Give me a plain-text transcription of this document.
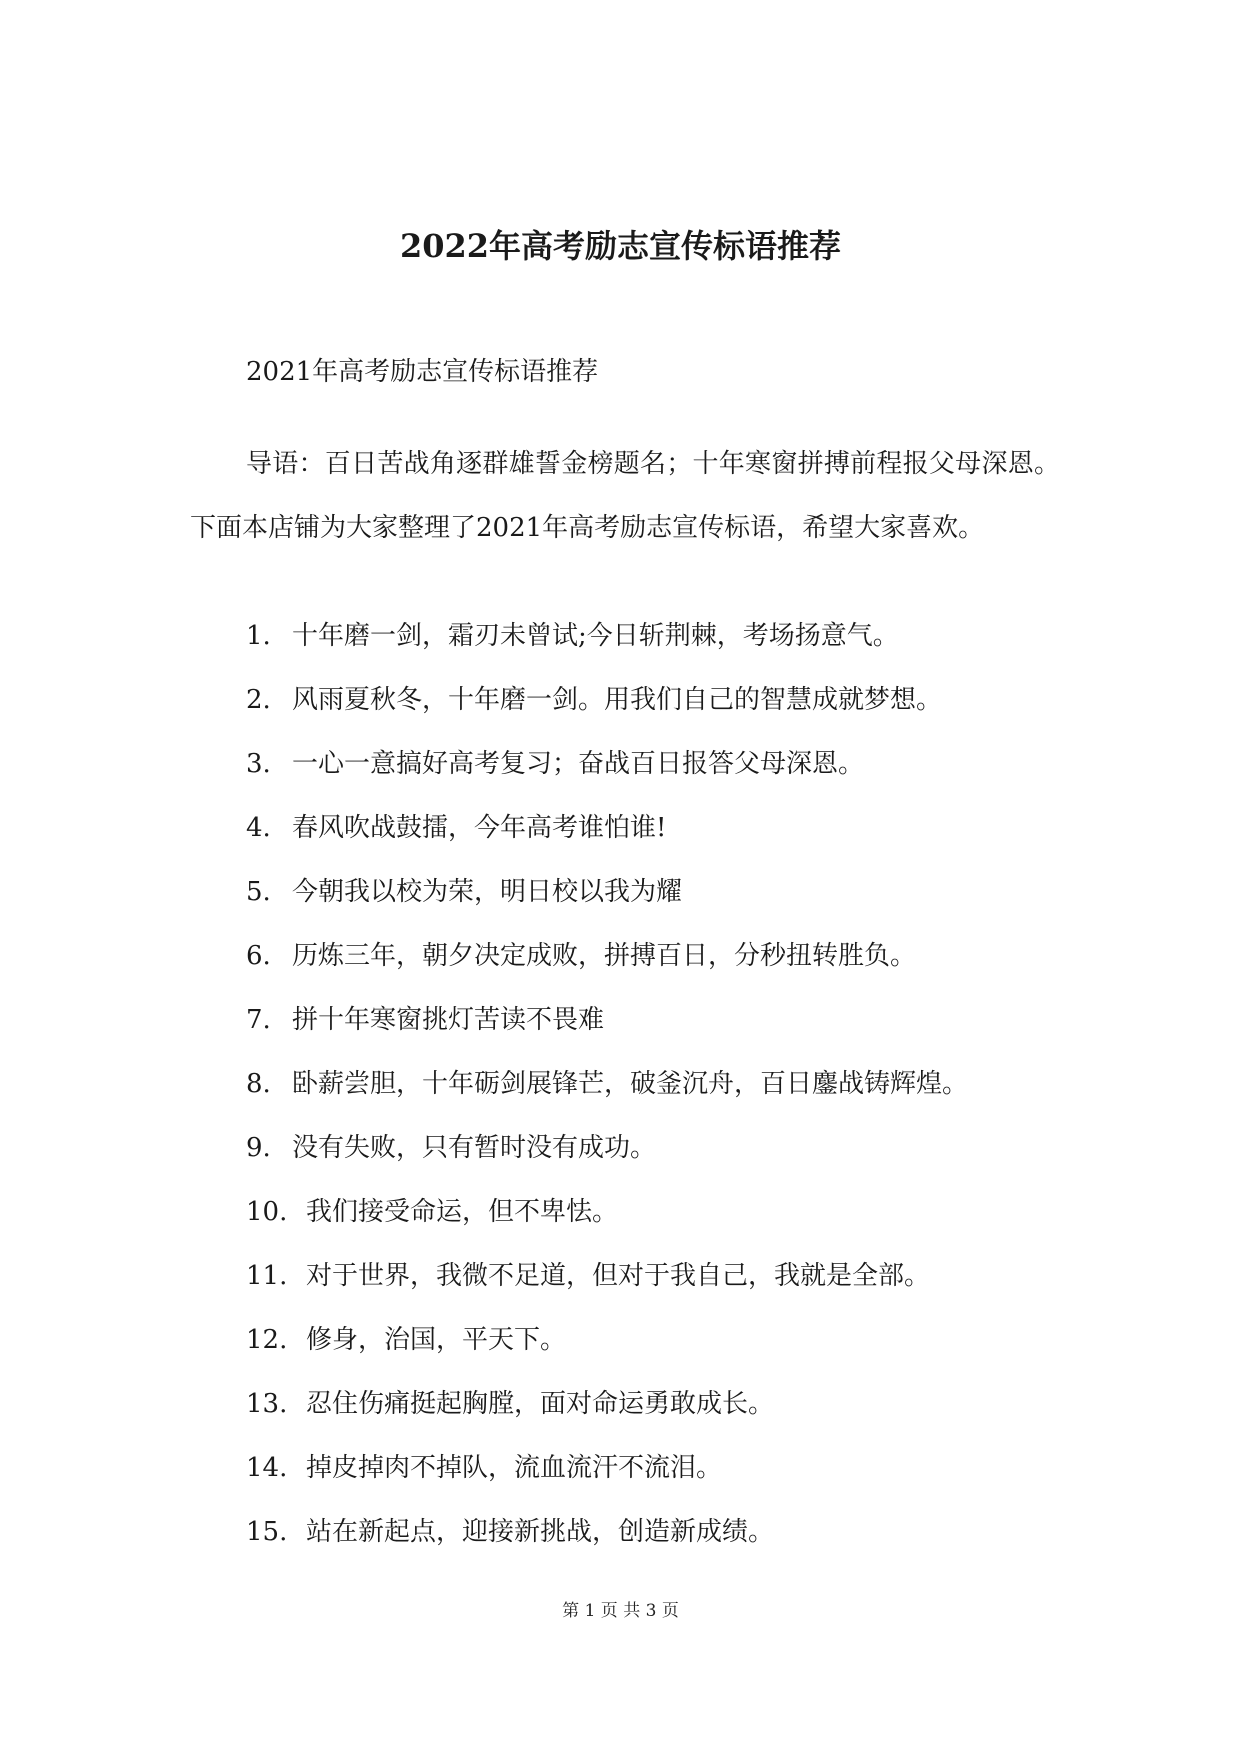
2022年高考励志宣传标语推荐

2021年高考励志宣传标语推荐

导语：百日苦战角逐群雄誓金榜题名；十年寒窗拼搏前程报父母深恩。下面本店铺为大家整理了2021年高考励志宣传标语，希望大家喜欢。

1. 十年磨一剑，霜刃未曾试;今日斩荆棘，考场扬意气。
2. 风雨夏秋冬，十年磨一剑。用我们自己的智慧成就梦想。
3. 一心一意搞好高考复习；奋战百日报答父母深恩。
4. 春风吹战鼓擂，今年高考谁怕谁!
5. 今朝我以校为荣，明日校以我为耀
6. 历炼三年，朝夕决定成败，拼搏百日，分秒扭转胜负。
7. 拼十年寒窗挑灯苦读不畏难
8. 卧薪尝胆，十年砺剑展锋芒，破釜沉舟，百日鏖战铸辉煌。
9. 没有失败，只有暂时没有成功。
10. 我们接受命运，但不卑怯。
11. 对于世界，我微不足道，但对于我自己，我就是全部。
12. 修身，治国，平天下。
13. 忍住伤痛挺起胸膛，面对命运勇敢成长。
14. 掉皮掉肉不掉队，流血流汗不流泪。
15. 站在新起点，迎接新挑战，创造新成绩。
第 1 页 共 3 页
